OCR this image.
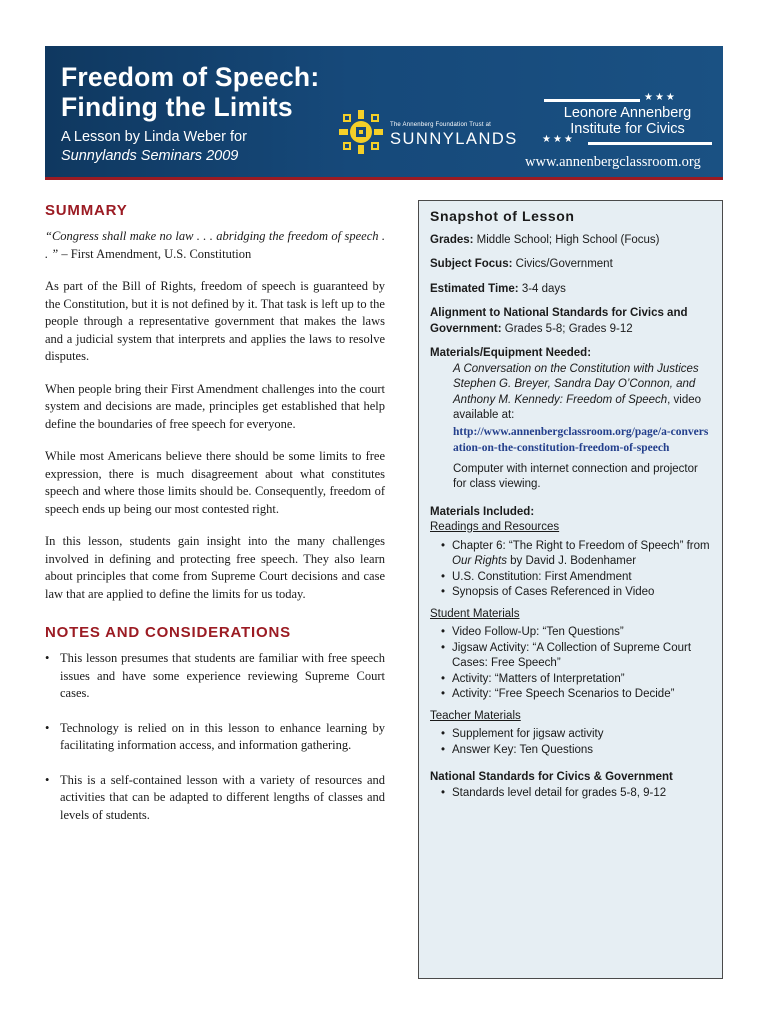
Freedom of Speech:
Finding the Limits
A Lesson by Linda Weber for
Sunnylands Seminars 2009
The Annenberg Foundation Trust at
SUNNYLANDS
★★★
Leonore Annenberg
Institute for Civics
★★★
www.annenbergclassroom.org
SUMMARY
“Congress shall make no law . . . abridging the freedom of speech . . ” – First Amendment, U.S. Constitution

As part of the Bill of Rights, freedom of speech is guaranteed by the Constitution, but it is not defined by it. That task is left up to the people through a representative government that makes the laws and a judicial system that interprets and applies the laws to resolve disputes.

When people bring their First Amendment challenges into the court system and decisions are made, principles get established that help define the boundaries of free speech for everyone.

While most Americans believe there should be some limits to free expression, there is much disagreement about what constitutes speech and where those limits should be. Consequently, freedom of speech ends up being our most contested right.

In this lesson, students gain insight into the many challenges involved in defining and protecting free speech. They also learn about principles that come from Supreme Court decisions and case law that are applied to define the limits for us today.

NOTES AND CONSIDERATIONS
• This lesson presumes that students are familiar with free speech issues and have some experience reviewing Supreme Court cases.
• Technology is relied on in this lesson to enhance learning by facilitating information access, and information gathering.
• This is a self-contained lesson with a variety of resources and activities that can be adapted to different lengths of classes and levels of students.
Snapshot of Lesson
Grades: Middle School; High School (Focus)
Subject Focus: Civics/Government
Estimated Time: 3-4 days
Alignment to National Standards for Civics and Government: Grades 5-8; Grades 9-12
Materials/Equipment Needed:
A Conversation on the Constitution with Justices Stephen G. Breyer, Sandra Day O’Connon, and Anthony M. Kennedy: Freedom of Speech, video available at:
http://www.annenbergclassroom.org/page/a-conversation-on-the-constitution-freedom-of-speech
Computer with internet connection and projector for class viewing.
Materials Included:
Readings and Resources
• Chapter 6: “The Right to Freedom of Speech” from Our Rights by David J. Bodenhamer
• U.S. Constitution: First Amendment
• Synopsis of Cases Referenced in Video
Student Materials
• Video Follow-Up: “Ten Questions”
• Jigsaw Activity: “A Collection of Supreme Court Cases: Free Speech”
• Activity: “Matters of Interpretation”
• Activity: “Free Speech Scenarios to Decide”
Teacher Materials
• Supplement for jigsaw activity
• Answer Key: Ten Questions
National Standards for Civics & Government
• Standards level detail for grades 5-8, 9-12
